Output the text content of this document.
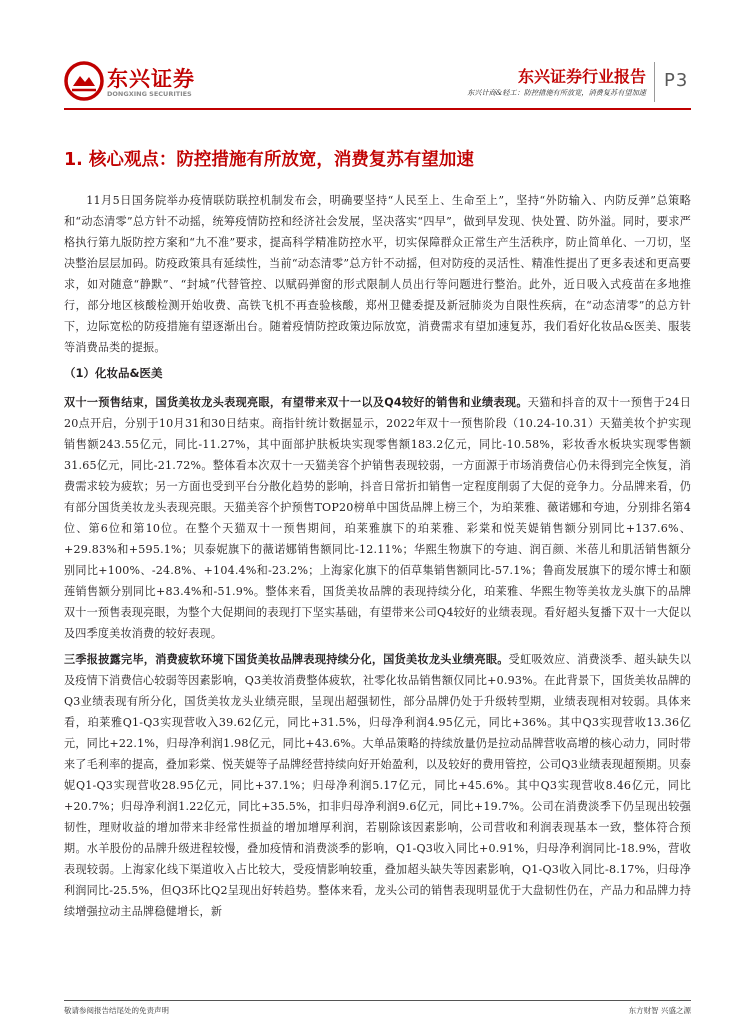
东兴证券
DONGXING SECURITIES
东兴证券行业报告
东兴计商&轻工：防控措施有所放宽，消费复苏有望加速
P3
1. 核心观点：防控措施有所放宽，消费复苏有望加速

11月5日国务院举办疫情联防联控机制发布会，明确要坚持“人民至上、生命至上”，坚持“外防输入、内防反弹”总策略和“动态清零”总方针不动摇，统筹疫情防控和经济社会发展，坚决落实“四早”，做到早发现、快处置、防外溢。同时，要求严格执行第九版防控方案和“九不准”要求，提高科学精准防控水平，切实保障群众正常生产生活秩序，防止简单化、一刀切，坚决整治层层加码。防疫政策具有延续性，当前“动态清零”总方针不动摇，但对防疫的灵活性、精准性提出了更多表述和更高要求，如对随意“静默”、“封城”代替管控、以赋码弹窗的形式限制人员出行等问题进行整治。此外，近日吸入式疫苗在多地推行，部分地区核酸检测开始收费、高铁飞机不再查验核酸，郑州卫健委提及新冠肺炎为自限性疾病，在“动态清零”的总方针下，边际宽松的防疫措施有望逐渐出台。随着疫情防控政策边际放宽，消费需求有望加速复苏，我们看好化妆品&医美、服装等消费品类的提振。

（1）化妆品&医美

双十一预售结束，国货美妆龙头表现亮眼，有望带来双十一以及Q4较好的销售和业绩表现。天猫和抖音的双十一预售于24日20点开启，分别于10月31和30日结束。商指针统计数据显示，2022年双十一预售阶段（10.24-10.31）天猫美妆个护实现销售额243.55亿元，同比-11.27%，其中面部护肤板块实现零售额183.2亿元，同比-10.58%，彩妆香水板块实现零售额31.65亿元，同比-21.72%。整体看本次双十一天猫美容个护销售表现较弱，一方面源于市场消费信心仍未得到完全恢复，消费需求较为疲软；另一方面也受到平台分散化趋势的影响，抖音日常折扣销售一定程度削弱了大促的竞争力。分品牌来看，仍有部分国货美妆龙头表现亮眼。天猫美容个护预售TOP20榜单中国货品牌上榜三个，为珀莱雅、薇诺娜和夸迪，分别排名第4位、第6位和第10位。在整个天猫双十一预售期间，珀莱雅旗下的珀莱雅、彩棠和悦芙媞销售额分别同比+137.6%、+29.83%和+595.1%；贝泰妮旗下的薇诺娜销售额同比-12.11%；华熙生物旗下的夸迪、润百颜、米蓓儿和肌活销售额分别同比+100%、-24.8%、+104.4%和-23.2%；上海家化旗下的佰草集销售额同比-57.1%；鲁商发展旗下的瑷尔博士和颐莲销售额分别同比+83.4%和-51.9%。整体来看，国货美妆品牌的表现持续分化，珀莱雅、华熙生物等美妆龙头旗下的品牌双十一预售表现亮眼，为整个大促期间的表现打下坚实基础，有望带来公司Q4较好的业绩表现。看好超头复播下双十一大促以及四季度美妆消费的较好表现。

三季报披露完毕，消费疲软环境下国货美妆品牌表现持续分化，国货美妆龙头业绩亮眼。受虹吸效应、消费淡季、超头缺失以及疫情下消费信心较弱等因素影响，Q3美妆消费整体疲软，社零化妆品销售额仅同比+0.93%。在此背景下，国货美妆品牌的Q3业绩表现有所分化，国货美妆龙头业绩亮眼，呈现出超强韧性，部分品牌仍处于升级转型期，业绩表现相对较弱。具体来看，珀莱雅Q1-Q3实现营收入39.62亿元，同比+31.5%，归母净利润4.95亿元，同比+36%。其中Q3实现营收13.36亿元，同比+22.1%，归母净利润1.98亿元，同比+43.6%。大单品策略的持续放量仍是拉动品牌营收高增的核心动力，同时带来了毛利率的提高，叠加彩棠、悦芙媞等子品牌经营持续向好开始盈利，以及较好的费用管控，公司Q3业绩表现超预期。贝泰妮Q1-Q3实现营收28.95亿元，同比+37.1%；归母净利润5.17亿元，同比+45.6%。其中Q3实现营收8.46亿元，同比+20.7%；归母净利润1.22亿元，同比+35.5%，扣非归母净利润9.6亿元，同比+19.7%。公司在消费淡季下仍呈现出较强韧性，理财收益的增加带来非经常性损益的增加增厚利润，若剔除该因素影响，公司营收和利润表现基本一致，整体符合预期。水羊股份的品牌升级进程较慢，叠加疫情和消费淡季的影响，Q1-Q3收入同比+0.91%，归母净利润同比-18.9%，营收表现较弱。上海家化线下渠道收入占比较大，受疫情影响较重，叠加超头缺失等因素影响，Q1-Q3收入同比-8.17%，归母净利润同比-25.5%，但Q3环比Q2呈现出好转趋势。整体来看，龙头公司的销售表现明显优于大盘韧性仍在，产品力和品牌力持续增强拉动主品牌稳健增长，新

敬请参阅报告结尾处的免责声明	东方财智 兴盛之源
